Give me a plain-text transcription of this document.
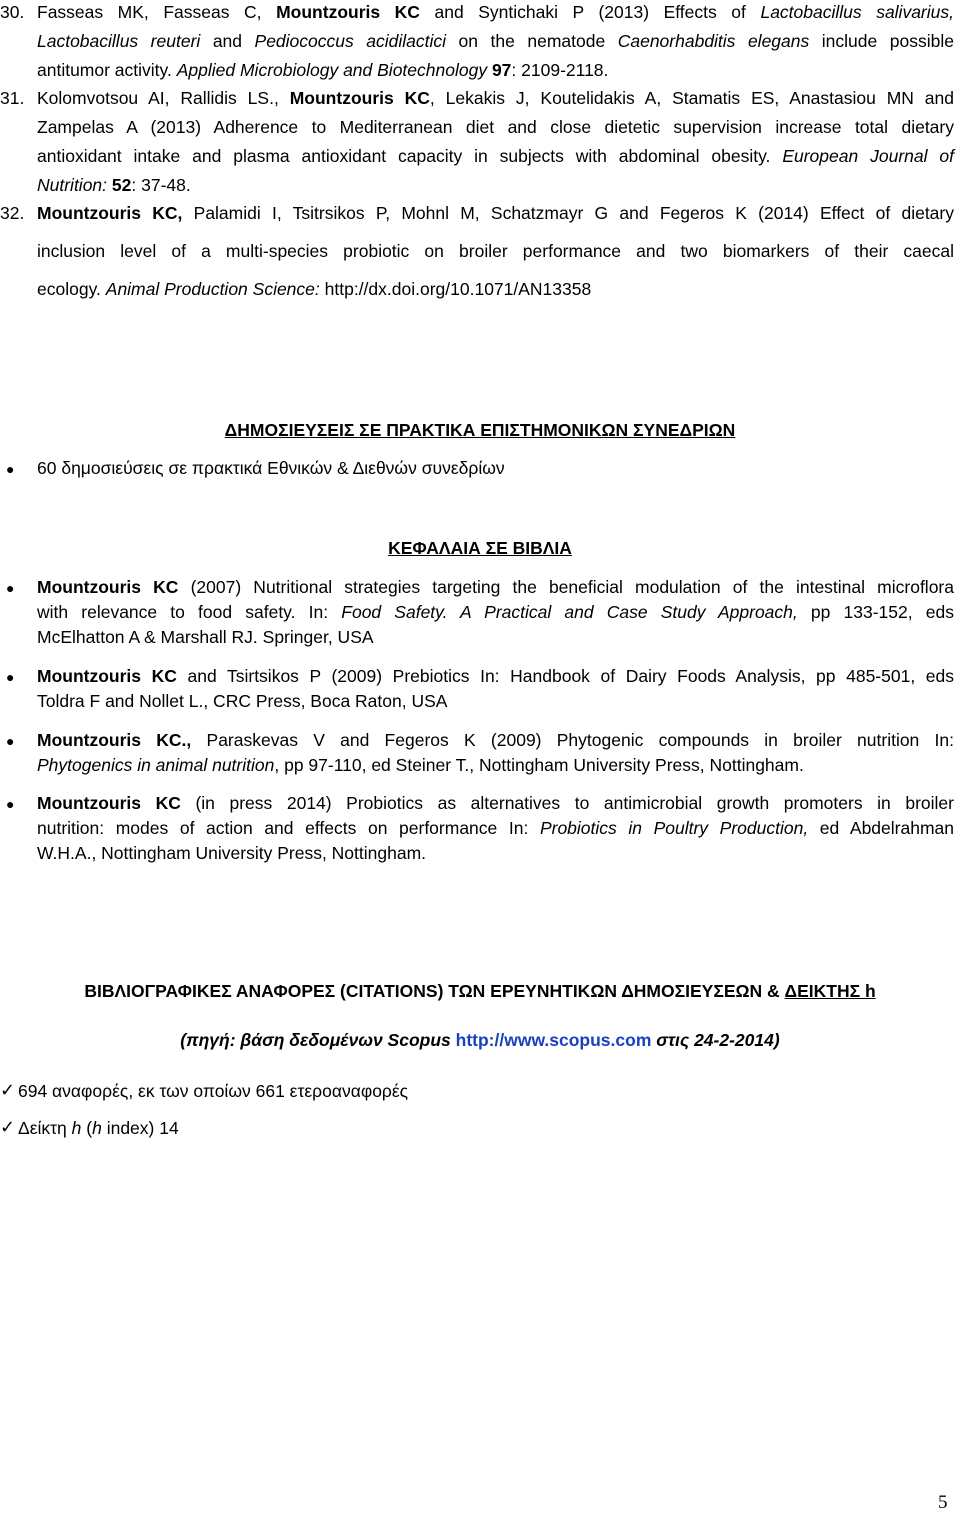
30. Fasseas MK, Fasseas C, Mountzouris KC and Syntichaki P (2013) Effects of Lactobacillus salivarius,
Lactobacillus reuteri and Pediococcus acidilactici on the nematode Caenorhabditis elegans include possible
antitumor activity. Applied Microbiology and Biotechnology 97: 2109-2118.
31. Kolomvotsou AI, Rallidis LS., Mountzouris KC, Lekakis J, Koutelidakis A, Stamatis ES, Anastasiou MN and
Zampelas A (2013) Adherence to Mediterranean diet and close dietetic supervision increase total dietary
antioxidant intake and plasma antioxidant capacity in subjects with abdominal obesity. European Journal of
Nutrition: 52: 37-48.
32. Mountzouris KC, Palamidi I, Tsitrsikos P, Mohnl M, Schatzmayr G and Fegeros K (2014) Effect of dietary
inclusion level of a multi-species probiotic on broiler performance and two biomarkers of their caecal
ecology. Animal Production Science: http://dx.doi.org/10.1071/AN13358
ΔΗΜΟΣΙΕΥΣΕΙΣ ΣΕ ΠΡΑΚΤΙΚΑ ΕΠΙΣΤΗΜΟΝΙΚΩΝ ΣΥΝΕΔΡΙΩΝ
● 60 δημοσιεύσεις σε πρακτικά Εθνικών & Διεθνών συνεδρίων
ΚΕΦΑΛΑΙΑ ΣΕ ΒΙΒΛΙΑ
● Mountzouris KC (2007) Nutritional strategies targeting the beneficial modulation of the intestinal microflora
with relevance to food safety. In: Food Safety. A Practical and Case Study Approach, pp 133-152, eds
McElhatton A & Marshall RJ. Springer, USA
● Mountzouris KC and Tsirtsikos P (2009) Prebiotics In: Handbook of Dairy Foods Analysis, pp 485-501, eds
Toldra F and Nollet L., CRC Press, Boca Raton, USA
● Mountzouris KC., Paraskevas V and Fegeros K (2009) Phytogenic compounds in broiler nutrition In:
Phytogenics in animal nutrition, pp 97-110, ed Steiner T., Nottingham University Press, Nottingham.
● Mountzouris KC (in press 2014) Probiotics as alternatives to antimicrobial growth promoters in broiler
nutrition: modes of action and effects on performance In: Probiotics in Poultry Production, ed Abdelrahman
W.H.A., Nottingham University Press, Nottingham.
ΒΙΒΛΙΟΓΡΑΦΙΚΕΣ ΑΝΑΦΟΡΕΣ (CITATIONS) ΤΩΝ ΕΡΕΥΝΗΤΙΚΩΝ ΔΗΜΟΣΙΕΥΣΕΩΝ & ΔΕΙΚΤΗΣ h
(πηγή: βάση δεδομένων Scopus http://www.scopus.com στις 24-2-2014)
✓ 694 αναφορές, εκ των οποίων 661 ετεροαναφορές
✓ Δείκτη h (h index) 14
5
